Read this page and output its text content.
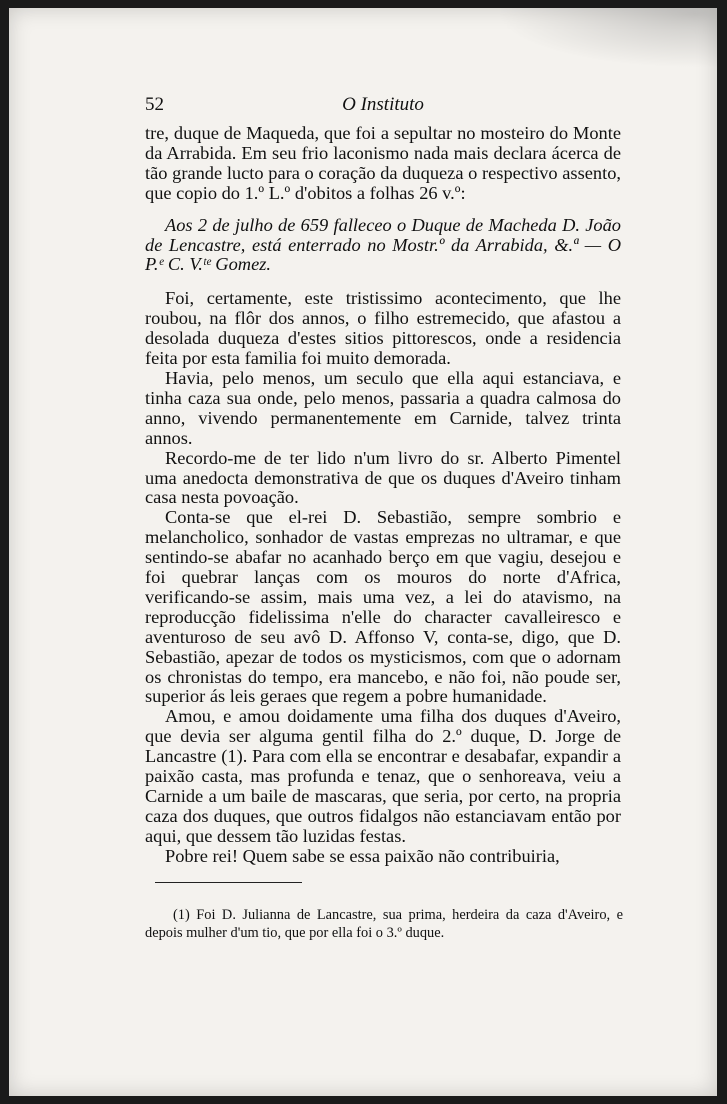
52	O Instituto

tre, duque de Maqueda, que foi a sepultar no mosteiro do Monte da Arrabida. Em seu frio laconismo nada mais declara ácerca de tão grande lucto para o coração da duqueza o respectivo assento, que copio do 1.º L.º d'obitos a folhas 26 v.º:

Aos 2 de julho de 659 falleceo o Duque de Macheda D. João de Lencastre, está enterrado no Mostr.º da Arrabida, &.ª — O P.ᵉ C. V.ᵗᵉ Gomez.

Foi, certamente, este tristissimo acontecimento, que lhe roubou, na flôr dos annos, o filho estremecido, que afastou a desolada duqueza d'estes sitios pittorescos, onde a residencia feita por esta familia foi muito demorada.

Havia, pelo menos, um seculo que ella aqui estanciava, e tinha caza sua onde, pelo menos, passaria a quadra calmosa do anno, vivendo permanentemente em Carnide, talvez trinta annos.

Recordo-me de ter lido n'um livro do sr. Alberto Pimentel uma anedocta demonstrativa de que os duques d'Aveiro tinham casa nesta povoação.

Conta-se que el-rei D. Sebastião, sempre sombrio e melancholico, sonhador de vastas emprezas no ultramar, e que sentindo-se abafar no acanhado berço em que vagiu, desejou e foi quebrar lanças com os mouros do norte d'Africa, verificando-se assim, mais uma vez, a lei do atavismo, na reproducção fidelissima n'elle do character cavalleiresco e aventuroso de seu avô D. Affonso V, conta-se, digo, que D. Sebastião, apezar de todos os mysticismos, com que o adornam os chronistas do tempo, era mancebo, e não foi, não poude ser, superior ás leis geraes que regem a pobre humanidade.

Amou, e amou doidamente uma filha dos duques d'Aveiro, que devia ser alguma gentil filha do 2.º duque, D. Jorge de Lancastre (1). Para com ella se encontrar e desabafar, expandir a paixão casta, mas profunda e tenaz, que o senhoreava, veiu a Carnide a um baile de mascaras, que seria, por certo, na propria caza dos duques, que outros fidalgos não estanciavam então por aqui, que dessem tão luzidas festas.

Pobre rei! Quem sabe se essa paixão não contribuiria,

(1) Foi D. Julianna de Lancastre, sua prima, herdeira da caza d'Aveiro, e depois mulher d'um tio, que por ella foi o 3.º duque.
